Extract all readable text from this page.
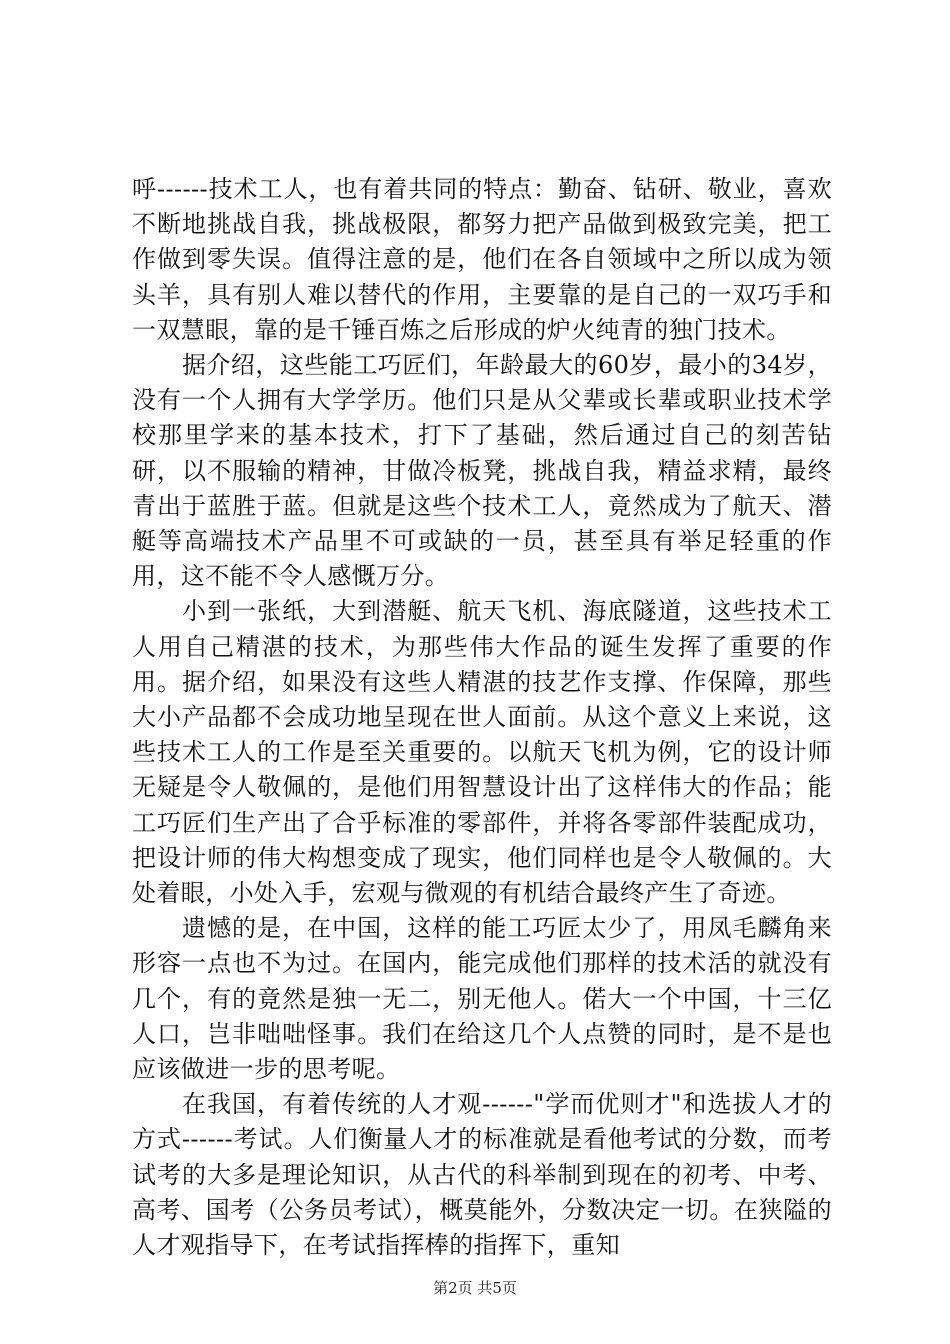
呼------技术工人，也有着共同的特点：勤奋、钻研、敬业，喜欢不断地挑战自我，挑战极限，都努力把产品做到极致完美，把工作做到零失误。值得注意的是，他们在各自领域中之所以成为领头羊，具有别人难以替代的作用，主要靠的是自己的一双巧手和一双慧眼，靠的是千锤百炼之后形成的炉火纯青的独门技术。

据介绍，这些能工巧匠们，年龄最大的60岁，最小的34岁，没有一个人拥有大学学历。他们只是从父辈或长辈或职业技术学校那里学来的基本技术，打下了基础，然后通过自己的刻苦钻研，以不服输的精神，甘做冷板凳，挑战自我，精益求精，最终青出于蓝胜于蓝。但就是这些个技术工人，竟然成为了航天、潜艇等高端技术产品里不可或缺的一员，甚至具有举足轻重的作用，这不能不令人感慨万分。

小到一张纸，大到潜艇、航天飞机、海底隧道，这些技术工人用自己精湛的技术，为那些伟大作品的诞生发挥了重要的作用。据介绍，如果没有这些人精湛的技艺作支撑、作保障，那些大小产品都不会成功地呈现在世人面前。从这个意义上来说，这些技术工人的工作是至关重要的。以航天飞机为例，它的设计师无疑是令人敬佩的，是他们用智慧设计出了这样伟大的作品；能工巧匠们生产出了合乎标准的零部件，并将各零部件装配成功，把设计师的伟大构想变成了现实，他们同样也是令人敬佩的。大处着眼，小处入手，宏观与微观的有机结合最终产生了奇迹。

遗憾的是，在中国，这样的能工巧匠太少了，用凤毛麟角来形容一点也不为过。在国内，能完成他们那样的技术活的就没有几个，有的竟然是独一无二，别无他人。偌大一个中国，十三亿人口，岂非咄咄怪事。我们在给这几个人点赞的同时，是不是也应该做进一步的思考呢。

在我国，有着传统的人才观------"学而优则才"和选拔人才的方式------考试。人们衡量人才的标准就是看他考试的分数，而考试考的大多是理论知识，从古代的科举制到现在的初考、中考、高考、国考（公务员考试），概莫能外，分数决定一切。在狭隘的人才观指导下，在考试指挥棒的指挥下，重知

第2页 共5页
